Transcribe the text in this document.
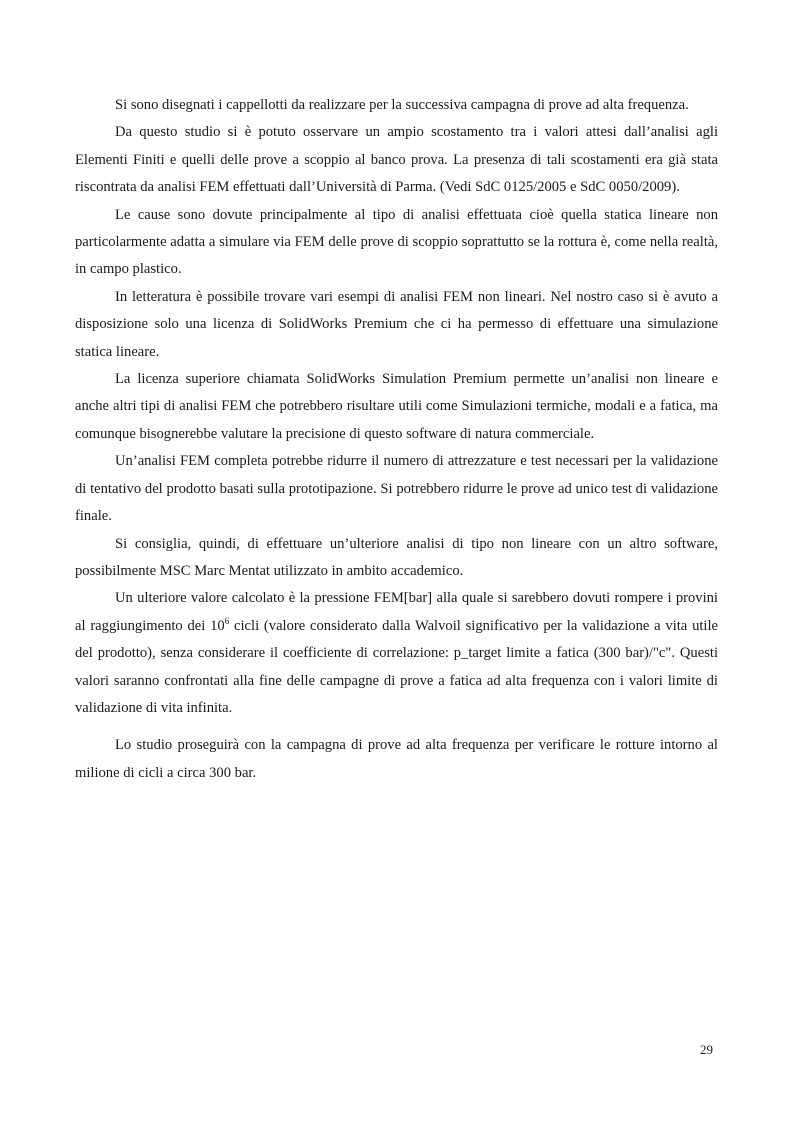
Si sono disegnati i cappellotti da realizzare per la successiva campagna di prove ad alta frequenza.

Da questo studio si è potuto osservare un ampio scostamento tra i valori attesi dall’analisi agli Elementi Finiti e quelli delle prove a scoppio al banco prova. La presenza di tali scostamenti era già stata riscontrata da analisi FEM effettuati dall’Università di Parma. (Vedi SdC 0125/2005 e SdC 0050/2009).

Le cause sono dovute principalmente al tipo di analisi effettuata cioè quella statica lineare non particolarmente adatta a simulare via FEM delle prove di scoppio soprattutto se la rottura è, come nella realtà, in campo plastico.

In letteratura è possibile trovare vari esempi di analisi FEM non lineari. Nel nostro caso si è avuto a disposizione solo una licenza di SolidWorks Premium che ci ha permesso di effettuare una simulazione statica lineare.

La licenza superiore chiamata SolidWorks Simulation Premium permette un’analisi non lineare e anche altri tipi di analisi FEM che potrebbero risultare utili come Simulazioni termiche, modali e a fatica, ma comunque bisognerebbe valutare la precisione di questo software di natura commerciale.

Un’analisi FEM completa potrebbe ridurre il numero di attrezzature e test necessari per la validazione di tentativo del prodotto basati sulla prototipazione. Si potrebbero ridurre le prove ad unico test di validazione finale.

Si consiglia, quindi, di effettuare un’ulteriore analisi di tipo non lineare con un altro software, possibilmente MSC Marc Mentat utilizzato in ambito accademico.

Un ulteriore valore calcolato è la pressione FEM[bar] alla quale si sarebbero dovuti rompere i provini al raggiungimento dei $10^6$ cicli (valore considerato dalla Walvoil significativo per la validazione a vita utile del prodotto), senza considerare il coefficiente di correlazione: p_target limite a fatica (300 bar)/"c". Questi valori saranno confrontati alla fine delle campagne di prove a fatica ad alta frequenza con i valori limite di validazione di vita infinita.

Lo studio proseguirà con la campagna di prove ad alta frequenza per verificare le rotture intorno al milione di cicli a circa 300 bar.

29
